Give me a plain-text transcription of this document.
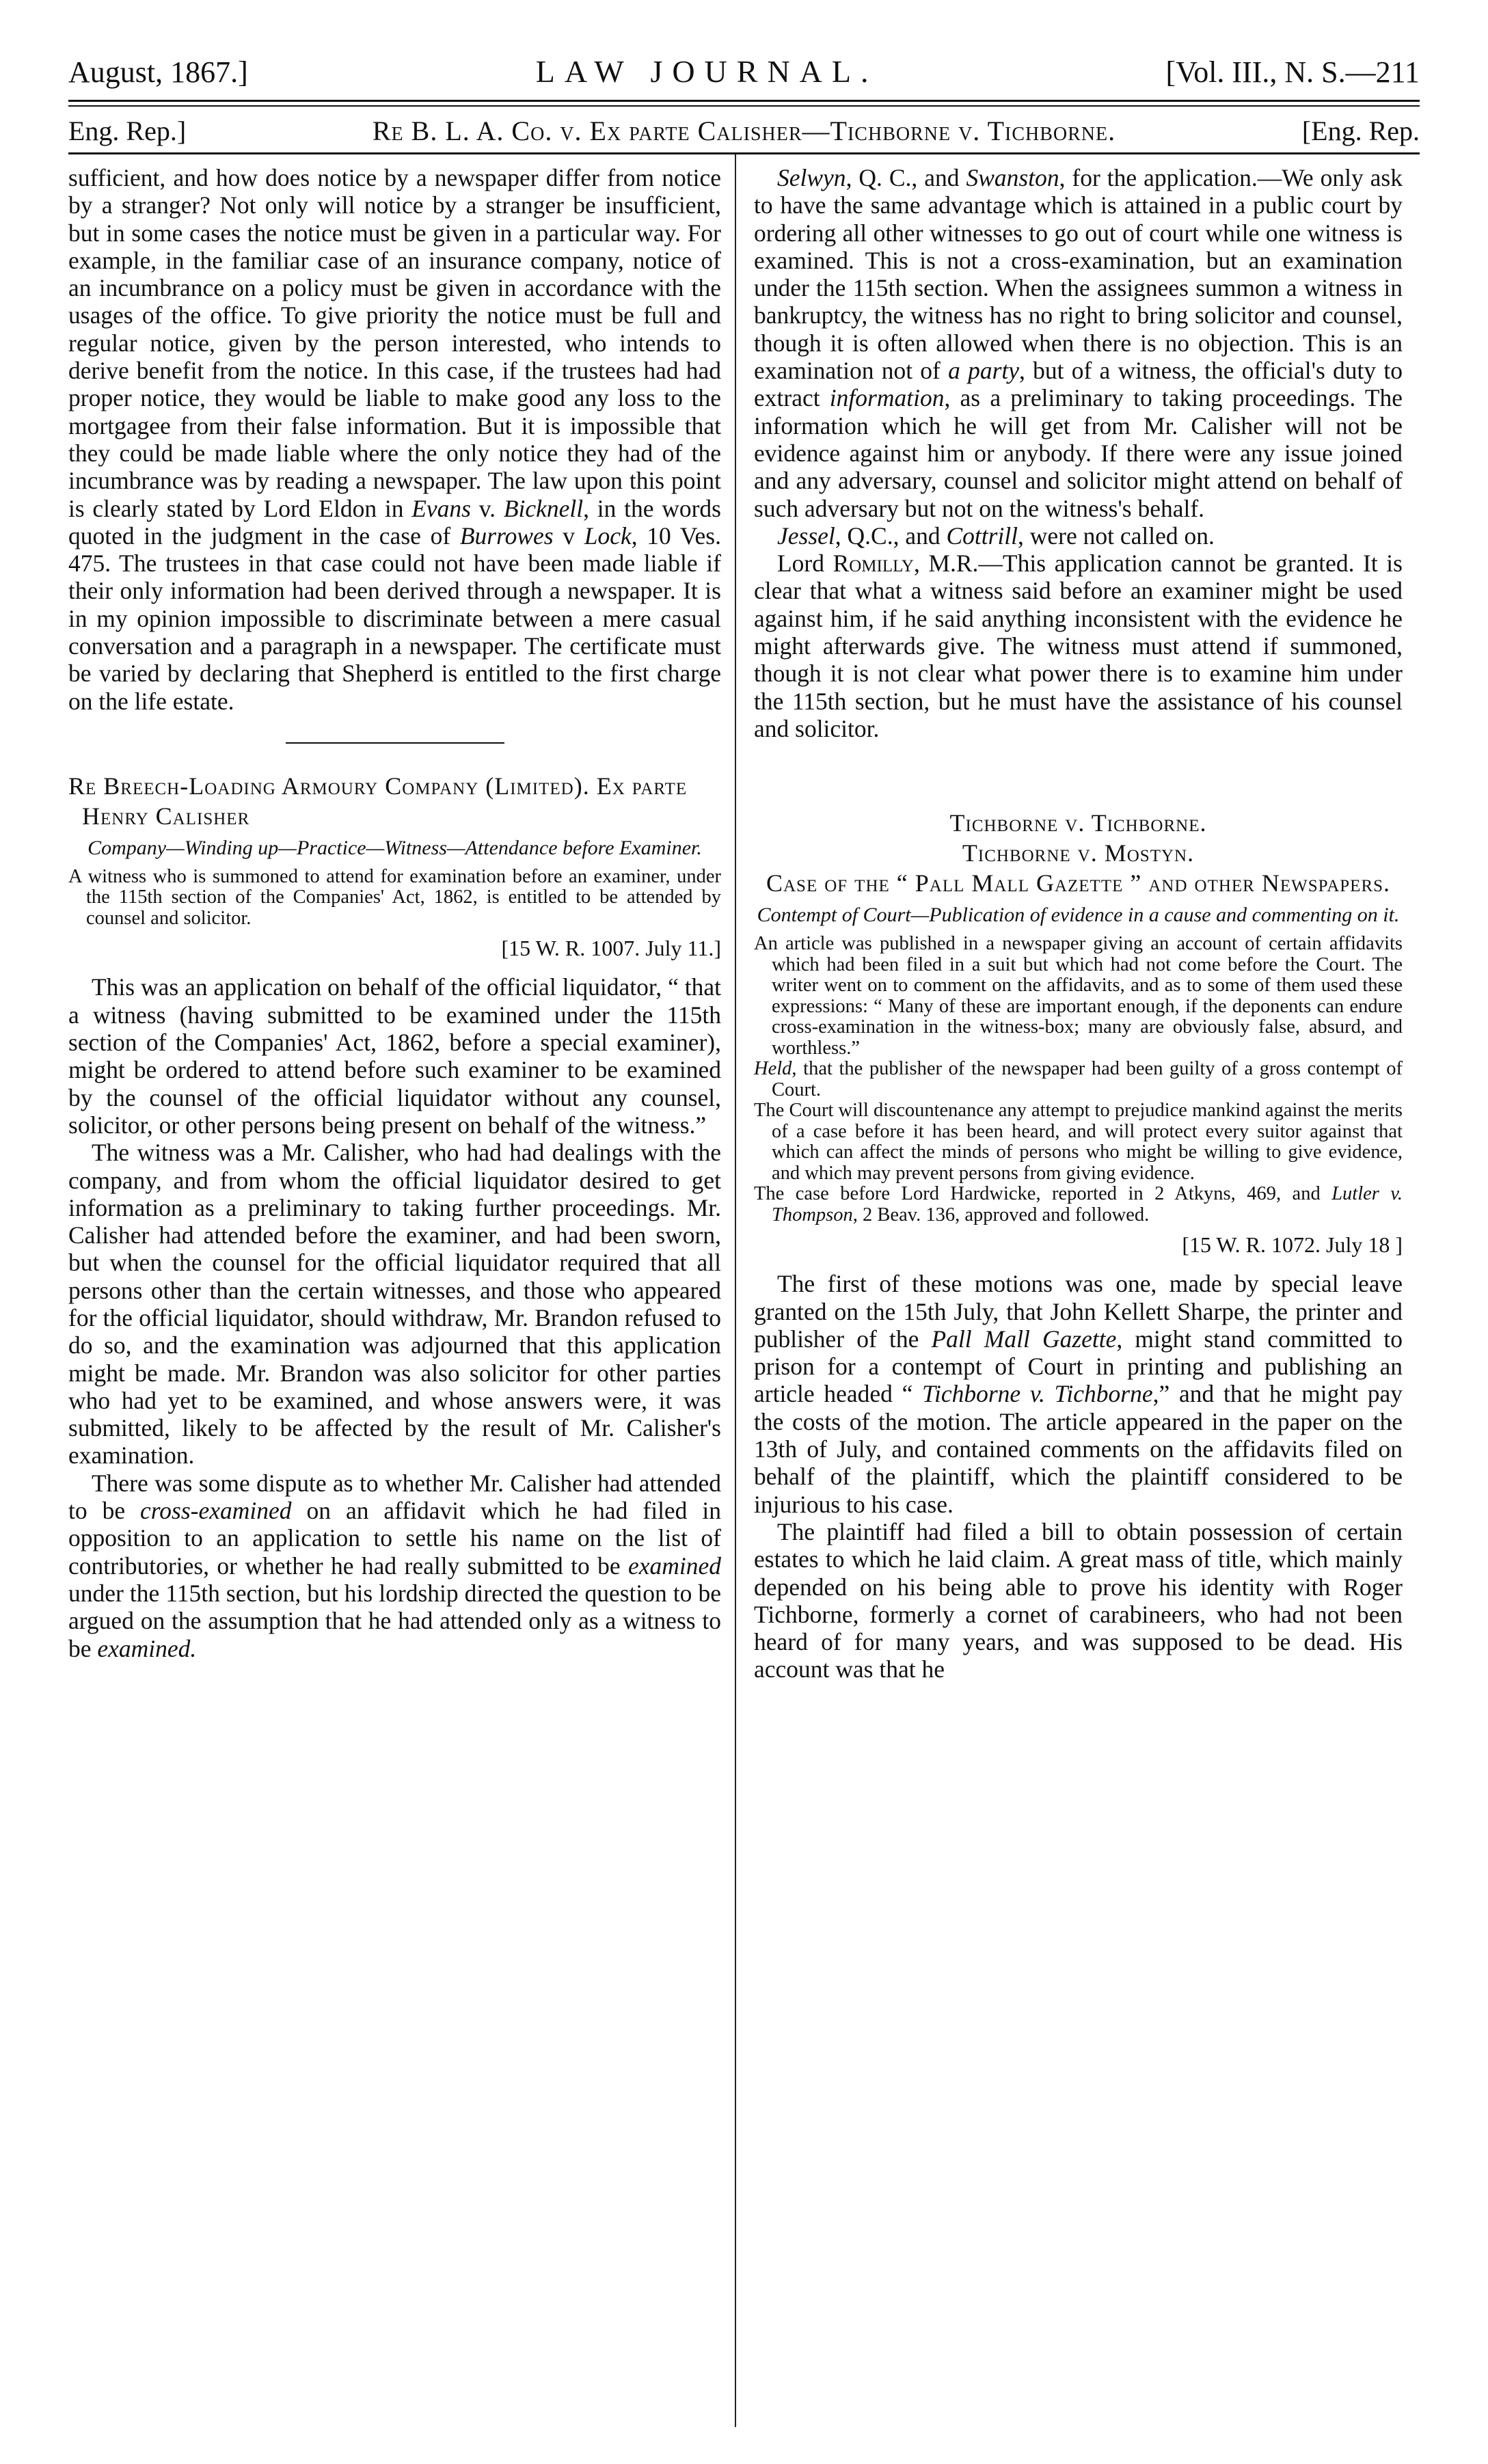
August, 1867.]	LAW JOURNAL.	[Vol. III., N. S.—211
Eng. Rep.]	Re B. L. A. Co. v. Ex parte Calisher—Tichborne v. Tichborne.	[Eng. Rep.

sufficient, and how does notice by a newspaper differ from notice by a stranger? Not only will notice by a stranger be insufficient, but in some cases the notice must be given in a particular way. For example, in the familiar case of an insurance company, notice of an incumbrance on a policy must be given in accordance with the usages of the office. To give priority the notice must be full and regular notice, given by the person interested, who intends to derive benefit from the notice. In this case, if the trustees had had proper notice, they would be liable to make good any loss to the mortgagee from their false information. But it is impossible that they could be made liable where the only notice they had of the incumbrance was by reading a newspaper. The law upon this point is clearly stated by Lord Eldon in Evans v. Bicknell, in the words quoted in the judgment in the case of Burrowes v Lock, 10 Ves. 475. The trustees in that case could not have been made liable if their only information had been derived through a newspaper. It is in my opinion impossible to discriminate between a mere casual conversation and a paragraph in a newspaper. The certificate must be varied by declaring that Shepherd is entitled to the first charge on the life estate.

Re Breech-Loading Armoury Company (Limited). Ex parte Henry Calisher

Company—Winding up—Practice—Witness—Attendance before Examiner.

A witness who is summoned to attend for examination before an examiner, under the 115th section of the Companies' Act, 1862, is entitled to be attended by counsel and solicitor.

[15 W. R. 1007. July 11.]

This was an application on behalf of the official liquidator, “ that a witness (having submitted to be examined under the 115th section of the Companies' Act, 1862, before a special examiner), might be ordered to attend before such examiner to be examined by the counsel of the official liquidator without any counsel, solicitor, or other persons being present on behalf of the witness.”

The witness was a Mr. Calisher, who had had dealings with the company, and from whom the official liquidator desired to get information as a preliminary to taking further proceedings. Mr. Calisher had attended before the examiner, and had been sworn, but when the counsel for the official liquidator required that all persons other than the certain witnesses, and those who appeared for the official liquidator, should withdraw, Mr. Brandon refused to do so, and the examination was adjourned that this application might be made. Mr. Brandon was also solicitor for other parties who had yet to be examined, and whose answers were, it was submitted, likely to be affected by the result of Mr. Calisher's examination.

There was some dispute as to whether Mr. Calisher had attended to be cross-examined on an affidavit which he had filed in opposition to an application to settle his name on the list of contributories, or whether he had really submitted to be examined under the 115th section, but his lordship directed the question to be argued on the assumption that he had attended only as a witness to be examined.

Selwyn, Q. C., and Swanston, for the application.—We only ask to have the same advantage which is attained in a public court by ordering all other witnesses to go out of court while one witness is examined. This is not a cross-examination, but an examination under the 115th section. When the assignees summon a witness in bankruptcy, the witness has no right to bring solicitor and counsel, though it is often allowed when there is no objection. This is an examination not of a party, but of a witness, the official's duty to extract information, as a preliminary to taking proceedings. The information which he will get from Mr. Calisher will not be evidence against him or anybody. If there were any issue joined and any adversary, counsel and solicitor might attend on behalf of such adversary but not on the witness's behalf.

Jessel, Q.C., and Cottrill, were not called on.

Lord Romilly, M.R.—This application cannot be granted. It is clear that what a witness said before an examiner might be used against him, if he said anything inconsistent with the evidence he might afterwards give. The witness must attend if summoned, though it is not clear what power there is to examine him under the 115th section, but he must have the assistance of his counsel and solicitor.

Tichborne v. Tichborne.

Tichborne v. Mostyn.

Case of the “ Pall Mall Gazette ” and other Newspapers.

Contempt of Court—Publication of evidence in a cause and commenting on it.

An article was published in a newspaper giving an account of certain affidavits which had been filed in a suit but which had not come before the Court. The writer went on to comment on the affidavits, and as to some of them used these expressions: “ Many of these are important enough, if the deponents can endure cross-examination in the witness-box; many are obviously false, absurd, and worthless.”

Held, that the publisher of the newspaper had been guilty of a gross contempt of Court.

The Court will discountenance any attempt to prejudice mankind against the merits of a case before it has been heard, and will protect every suitor against that which can affect the minds of persons who might be willing to give evidence, and which may prevent persons from giving evidence.

The case before Lord Hardwicke, reported in 2 Atkyns, 469, and Lutler v. Thompson, 2 Beav. 136, approved and followed.

[15 W. R. 1072. July 18 ]

The first of these motions was one, made by special leave granted on the 15th July, that John Kellett Sharpe, the printer and publisher of the Pall Mall Gazette, might stand committed to prison for a contempt of Court in printing and publishing an article headed “ Tichborne v. Tichborne,” and that he might pay the costs of the motion. The article appeared in the paper on the 13th of July, and contained comments on the affidavits filed on behalf of the plaintiff, which the plaintiff considered to be injurious to his case.

The plaintiff had filed a bill to obtain possession of certain estates to which he laid claim. A great mass of title, which mainly depended on his being able to prove his identity with Roger Tichborne, formerly a cornet of carabineers, who had not been heard of for many years, and was supposed to be dead. His account was that he
